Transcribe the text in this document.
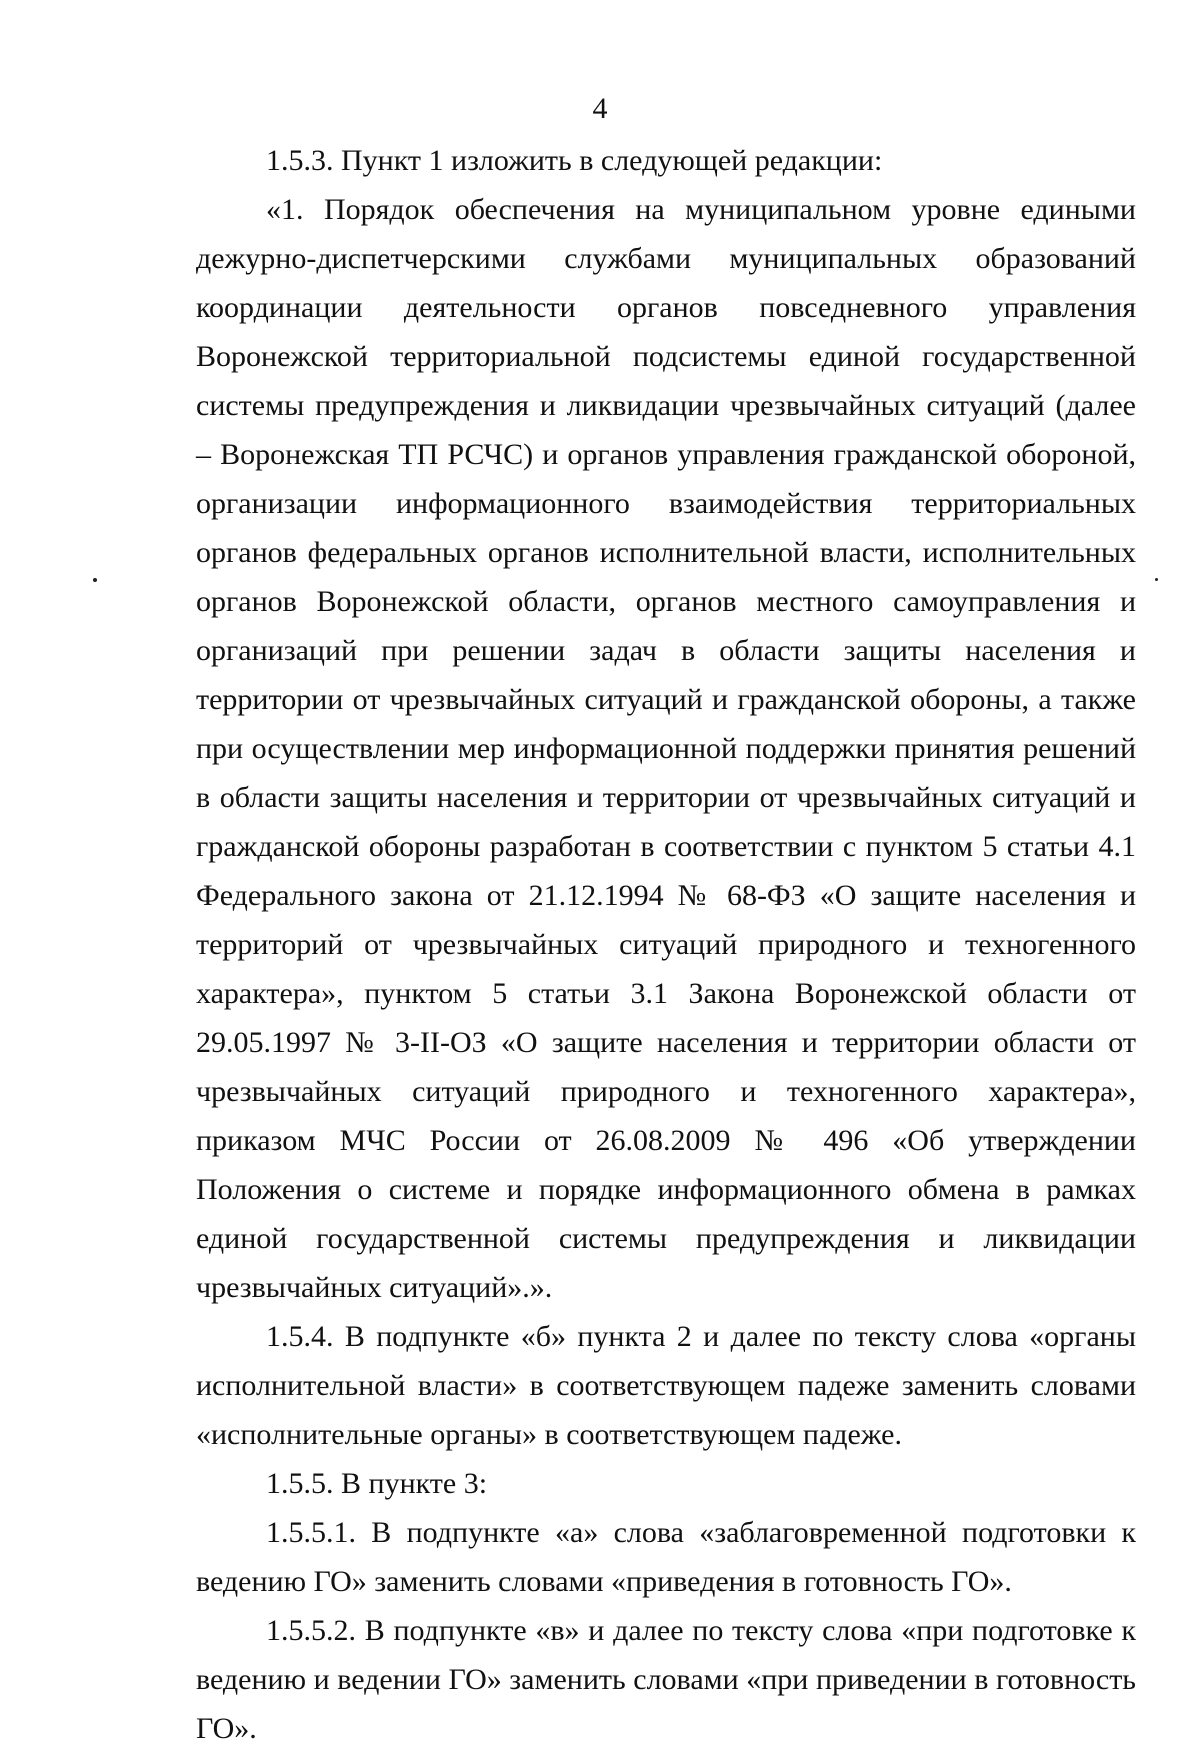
4

1.5.3. Пункт 1 изложить в следующей редакции:

«1. Порядок обеспечения на муниципальном уровне едиными дежурно-диспетчерскими службами муниципальных образований координации деятельности органов повседневного управления Воронежской территориальной подсистемы единой государственной системы предупреждения и ликвидации чрезвычайных ситуаций (далее – Воронежская ТП РСЧС) и органов управления гражданской обороной, организации информационного взаимодействия территориальных органов федеральных органов исполнительной власти, исполнительных органов Воронежской области, органов местного самоуправления и организаций при решении задач в области защиты населения и территории от чрезвычайных ситуаций и гражданской обороны, а также при осуществлении мер информационной поддержки принятия решений в области защиты населения и территории от чрезвычайных ситуаций и гражданской обороны разработан в соответствии с пунктом 5 статьи 4.1 Федерального закона от 21.12.1994 № 68-ФЗ «О защите населения и территорий от чрезвычайных ситуаций природного и техногенного характера», пунктом 5 статьи 3.1 Закона Воронежской области от 29.05.1997 № 3-II-ОЗ «О защите населения и территории области от чрезвычайных ситуаций природного и техногенного характера», приказом МЧС России от 26.08.2009 № 496 «Об утверждении Положения о системе и порядке информационного обмена в рамках единой государственной системы предупреждения и ликвидации чрезвычайных ситуаций».».

1.5.4. В подпункте «б» пункта 2 и далее по тексту слова «органы исполнительной власти» в соответствующем падеже заменить словами «исполнительные органы» в соответствующем падеже.

1.5.5. В пункте 3:

1.5.5.1. В подпункте «а» слова «заблаговременной подготовки к ведению ГО» заменить словами «приведения в готовность ГО».

1.5.5.2. В подпункте «в» и далее по тексту слова «при подготовке к ведению и ведении ГО» заменить словами «при приведении в готовность ГО».
